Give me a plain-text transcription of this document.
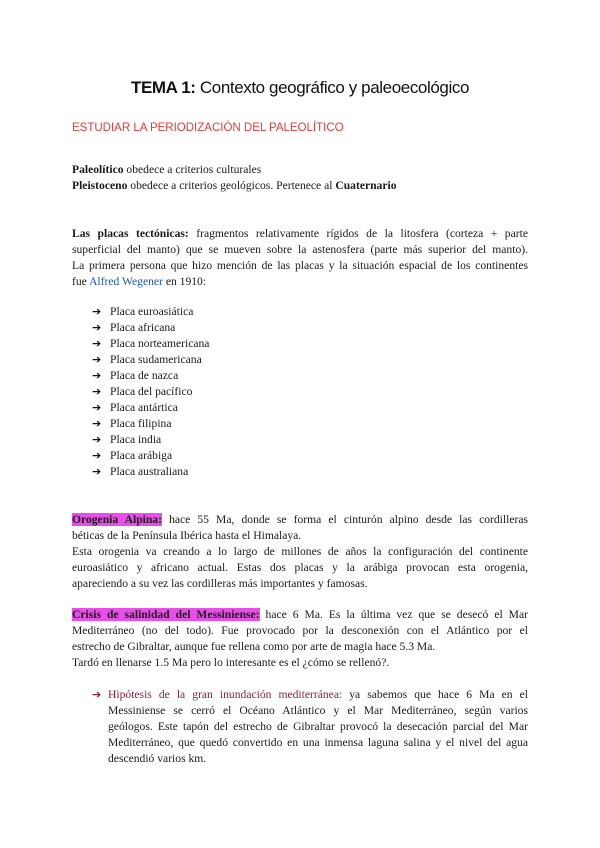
TEMA 1: Contexto geográfico y paleoecológico
ESTUDIAR LA PERIODIZACIÓN DEL PALEOLÍTICO
Paleolítico obedece a criterios culturales
Pleistoceno obedece a criterios geológicos. Pertenece al Cuaternario
Las placas tectónicas: fragmentos relativamente rígidos de la litosfera (corteza + parte
superficial del manto) que se mueven sobre la astenosfera (parte más superior del manto).
La primera persona que hizo mención de las placas y la situación espacial de los continentes
fue Alfred Wegener en 1910:
➔ Placa euroasiática
➔ Placa africana
➔ Placa norteamericana
➔ Placa sudamericana
➔ Placa de nazca
➔ Placa del pacífico
➔ Placa antártica
➔ Placa filipina
➔ Placa india
➔ Placa arábiga
➔ Placa australiana
Orogenia Alpina: hace 55 Ma, donde se forma el cinturón alpino desde las cordilleras
béticas de la Península Ibérica hasta el Himalaya.
Esta orogenia va creando a lo largo de millones de años la configuración del continente
euroasiático y africano actual. Estas dos placas y la arábiga provocan esta orogenia,
apareciendo a su vez las cordilleras más importantes y famosas.
Crisis de salinidad del Messiniense: hace 6 Ma. Es la última vez que se desecó el Mar
Mediterráneo (no del todo). Fue provocado por la desconexión con el Atlántico por el
estrecho de Gibraltar, aunque fue rellena como por arte de magia hace 5.3 Ma.
Tardó en llenarse 1.5 Ma pero lo interesante es el ¿cómo se rellenó?.
➔ Hipótesis de la gran inundación mediterránea: ya sabemos que hace 6 Ma en el
Messiniense se cerró el Océano Atlántico y el Mar Mediterráneo, según varios
geólogos. Este tapón del estrecho de Gibraltar provocó la desecación parcial del Mar
Mediterráneo, que quedó convertido en una inmensa laguna salina y el nivel del agua
descendió varios km.
